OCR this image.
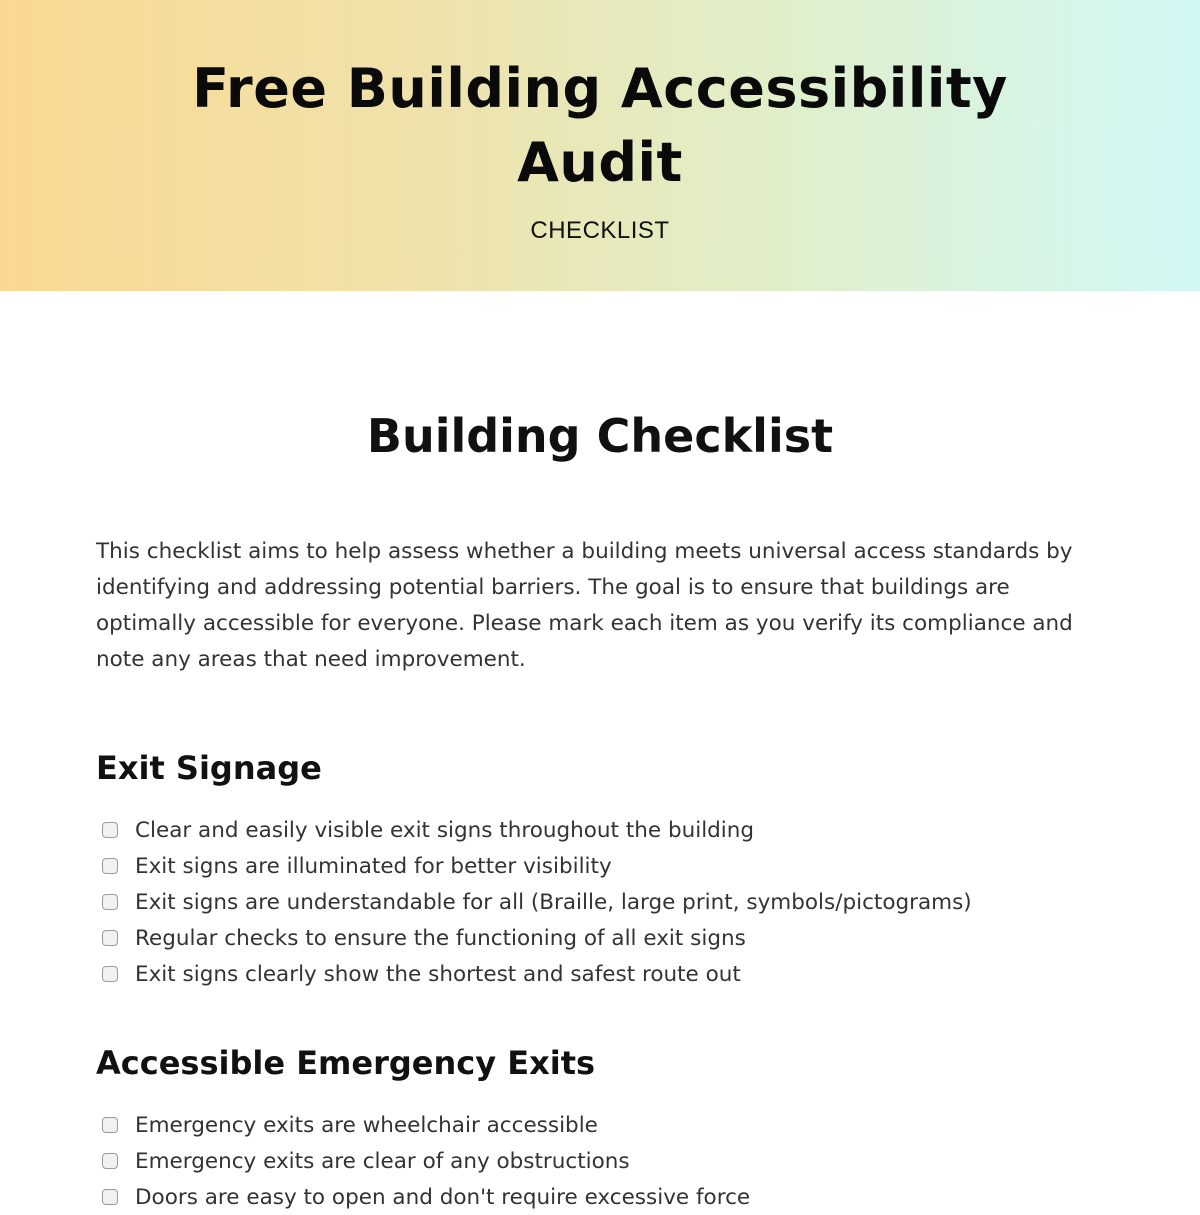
Free Building Accessibility Audit
CHECKLIST
Building Checklist

This checklist aims to help assess whether a building meets universal access standards by identifying and addressing potential barriers. The goal is to ensure that buildings are optimally accessible for everyone. Please mark each item as you verify its compliance and note any areas that need improvement.

Exit Signage
Clear and easily visible exit signs throughout the building
Exit signs are illuminated for better visibility
Exit signs are understandable for all (Braille, large print, symbols/pictograms)
Regular checks to ensure the functioning of all exit signs
Exit signs clearly show the shortest and safest route out
Accessible Emergency Exits
Emergency exits are wheelchair accessible
Emergency exits are clear of any obstructions
Doors are easy to open and don't require excessive force
